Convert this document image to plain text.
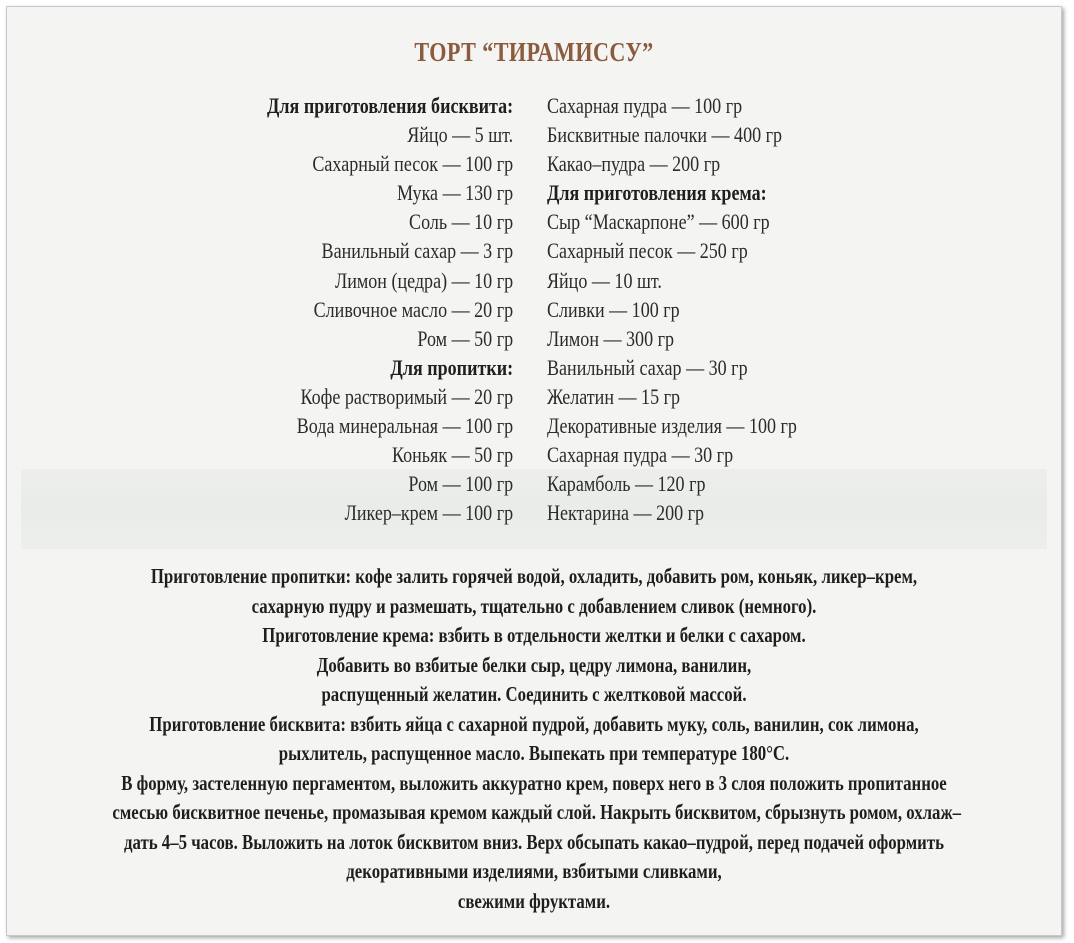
ТОРТ “ТИРАМИССУ”
Для приготовления бисквита:
Яйцо — 5 шт.
Сахарный песок — 100 гр
Мука — 130 гр
Соль — 10 гр
Ванильный сахар — 3 гр
Лимон (цедра) — 10 гр
Сливочное масло — 20 гр
Ром — 50 гр
Для пропитки:
Кофе растворимый — 20 гр
Вода минеральная — 100 гр
Коньяк — 50 гр
Ром — 100 гр
Ликер–крем — 100 гр
Сахарная пудра — 100 гр
Бисквитные палочки — 400 гр
Какао–пудра — 200 гр
Для приготовления крема:
Сыр “Маскарпоне” — 600 гр
Сахарный песок — 250 гр
Яйцо — 10 шт.
Сливки — 100 гр
Лимон — 300 гр
Ванильный сахар — 30 гр
Желатин — 15 гр
Декоративные изделия — 100 гр
Сахарная пудра — 30 гр
Карамболь — 120 гр
Нектарина — 200 гр
Приготовление пропитки: кофе залить горячей водой, охладить, добавить ром, коньяк, ликер–крем,
сахарную пудру и размешать, тщательно с добавлением сливок (немного).
Приготовление крема: взбить в отдельности желтки и белки с сахаром.
Добавить во взбитые белки сыр, цедру лимона, ванилин,
распущенный желатин. Соединить с желтковой массой.
Приготовление бисквита: взбить яйца с сахарной пудрой, добавить муку, соль, ванилин, сок лимона,
рыхлитель, распущенное масло. Выпекать при температуре 180°С.
В форму, застеленную пергаментом, выложить аккуратно крем, поверх него в 3 слоя положить пропитанное
смесью бисквитное печенье, промазывая кремом каждый слой. Накрыть бисквитом, сбрызнуть ромом, охлаж–
дать 4–5 часов. Выложить на лоток бисквитом вниз. Верх обсыпать какао–пудрой, перед подачей оформить
декоративными изделиями, взбитыми сливками,
свежими фруктами.
